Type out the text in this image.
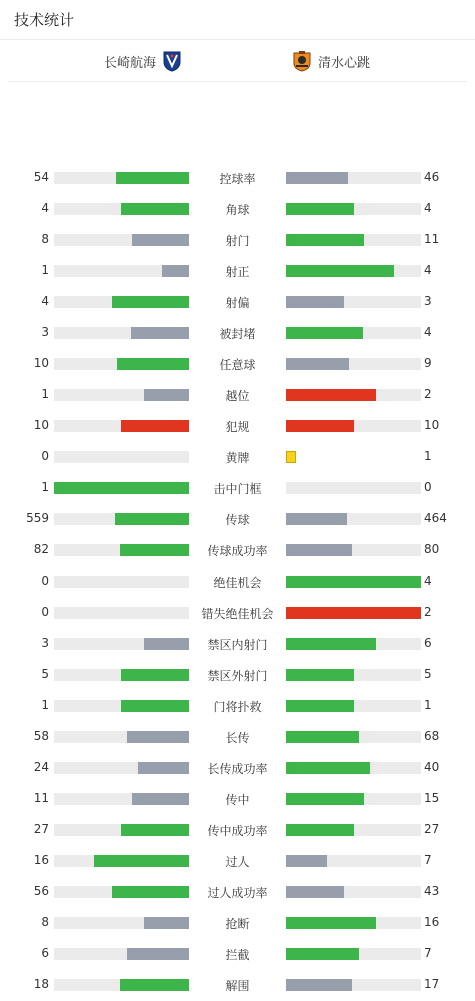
技术统计
长崎航海	清水心跳
54	控球率	46
4	角球	4
8	射门	11
1	射正	4
4	射偏	3
3	被封堵	4
10	任意球	9
1	越位	2
10	犯规	10
0	黄牌	1
1	击中门框	0
559	传球	464
82	传球成功率	80
0	绝佳机会	4
0	错失绝佳机会	2
3	禁区内射门	6
5	禁区外射门	5
1	门将扑救	1
58	长传	68
24	长传成功率	40
11	传中	15
27	传中成功率	27
16	过人	7
56	过人成功率	43
8	抢断	16
6	拦截	7
18	解围	17
